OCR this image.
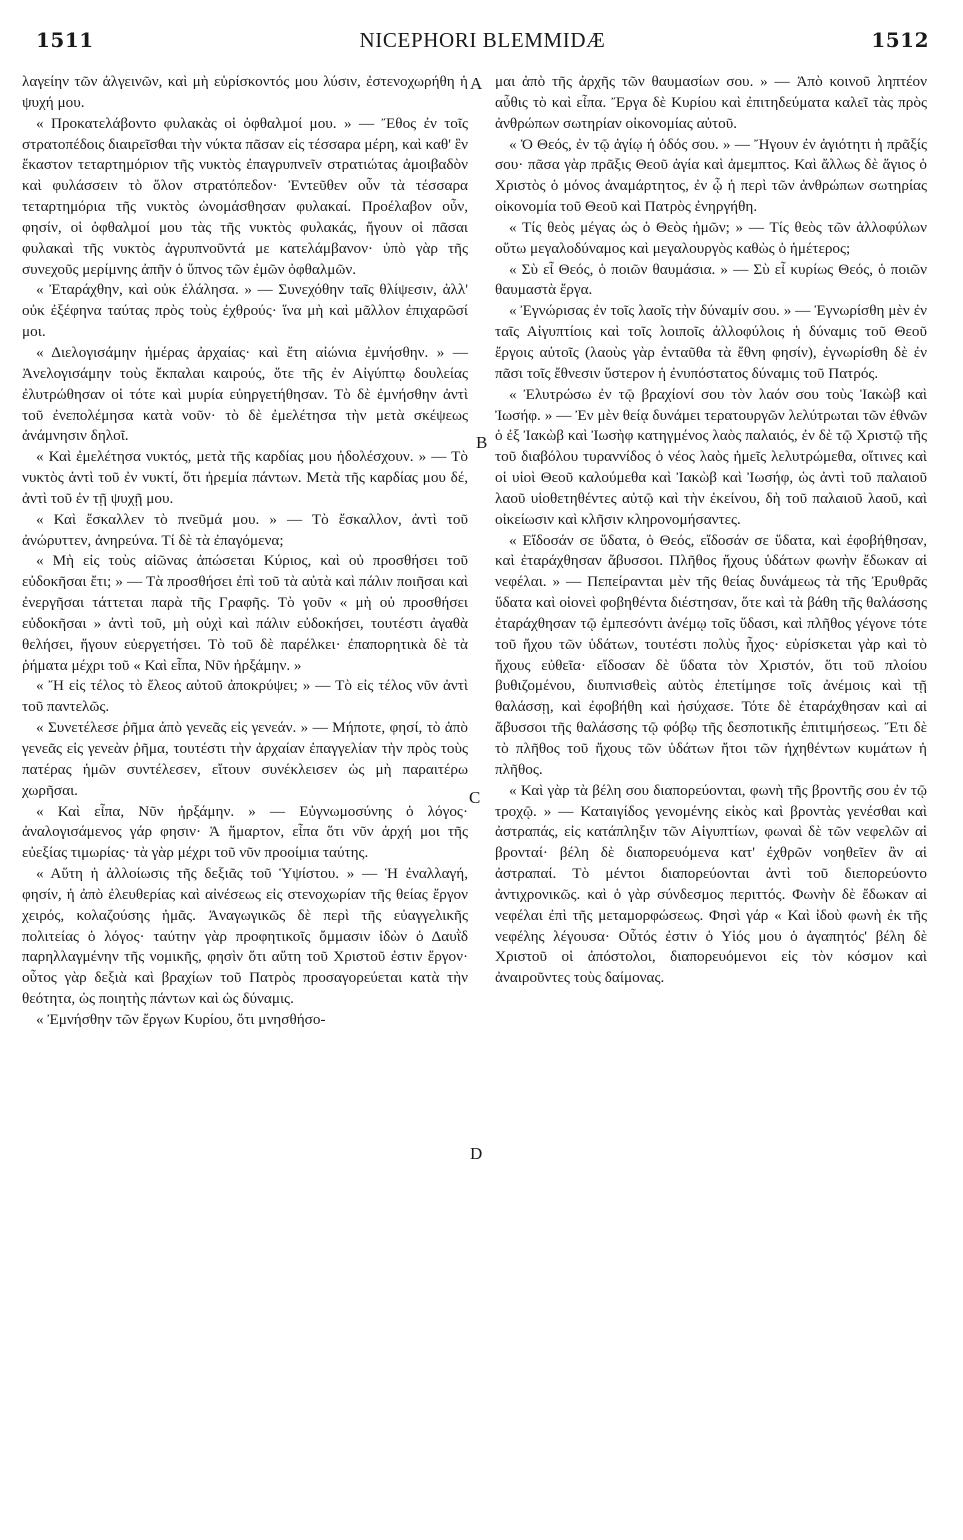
1511	NICEPHORI BLEMMIDÆ	1512

λαγείην τῶν ἀλγεινῶν, καὶ μὴ εὑρίσκοντός μου λύσιν, ἐστενοχωρήθη ἡ ψυχή μου.

« Προκατελάβοντο φυλακὰς οἱ ὀφθαλμοί μου. » — Ἔθος ἐν τοῖς στρατοπέδοις διαιρεῖσθαι τὴν νύκτα πᾶσαν εἰς τέσσαρα μέρη, καὶ καθ' ἓν ἕκαστον τεταρτημόριον τῆς νυκτὸς ἐπαγρυπνεῖν στρατιώτας ἀμοιβαδὸν καὶ φυλάσσειν τὸ ὅλον στρατόπεδον· Ἐντεῦθεν οὖν τὰ τέσσαρα τεταρτημόρια τῆς νυκτὸς ὠνομάσθησαν φυλακαί. Προέλαβον οὖν, φησίν, οἱ ὀφθαλμοί μου τὰς τῆς νυκτὸς φυλακάς, ἤγουν οἱ πᾶσαι φυλακαὶ τῆς νυκτὸς ἀγρυπνοῦντά με κατελάμβανον· ὑπὸ γὰρ τῆς συνεχοῦς μερίμνης ἀπῆν ὁ ὕπνος τῶν ἐμῶν ὀφθαλμῶν.

« Ἐταράχθην, καὶ οὐκ ἐλάλησα. » — Συνεχόθην ταῖς θλίψεσιν, ἀλλ' οὐκ ἐξέφηνα ταύτας πρὸς τοὺς ἐχθρούς· ἵνα μὴ καὶ μᾶλλον ἐπιχαρῶσί μοι.

« Διελογισάμην ἡμέρας ἀρχαίας· καὶ ἔτη αἰώνια ἐμνήσθην. » — Ἀνελογισάμην τοὺς ἔκπαλαι καιρούς, ὅτε τῆς ἐν Αἰγύπτῳ δουλείας ἐλυτρώθησαν οἱ τότε καὶ μυρία εὐηργετήθησαν. Τὸ δὲ ἐμνήσθην ἀντὶ τοῦ ἐνεπολέμησα κατὰ νοῦν· τὸ δὲ ἐμελέτησα τὴν μετὰ σκέψεως ἀνάμνησιν δηλοῖ.

« Καὶ ἐμελέτησα νυκτός, μετὰ τῆς καρδίας μου ἠδολέσχουν. » — Τὸ νυκτὸς ἀντὶ τοῦ ἐν νυκτί, ὅτι ἠρεμία πάντων. Μετὰ τῆς καρδίας μου δέ, ἀντὶ τοῦ ἐν τῇ ψυχῇ μου.

« Καὶ ἔσκαλλεν τὸ πνεῦμά μου. » — Τὸ ἔσκαλλον, ἀντὶ τοῦ ἀνώρυττεν, ἀνηρεύνα. Τί δὲ τὰ ἐπαγόμενα;

« Μὴ εἰς τοὺς αἰῶνας ἀπώσεται Κύριος, καὶ οὐ προσθήσει τοῦ εὐδοκῆσαι ἔτι; » — Τὰ προσθήσει ἐπὶ τοῦ τὰ αὐτὰ καὶ πάλιν ποιῆσαι καὶ ἐνεργῆσαι τάττεται παρὰ τῆς Γραφῆς. Τὸ γοῦν « μὴ οὐ προσθήσει εὐδοκῆσαι » ἀντὶ τοῦ, μὴ οὐχὶ καὶ πάλιν εὐδοκήσει, τουτέστι ἀγαθὰ θελήσει, ἤγουν εὐεργετήσει. Τὸ τοῦ δὲ παρέλκει· ἐπαπορητικὰ δὲ τὰ ῥήματα μέχρι τοῦ « Καὶ εἶπα, Νῦν ἠρξάμην. »

« Ἤ εἰς τέλος τὸ ἔλεος αὐτοῦ ἀποκρύψει; » — Τὸ εἰς τέλος νῦν ἀντὶ τοῦ παντελῶς.

« Συνετέλεσε ῥῆμα ἀπὸ γενεᾶς εἰς γενεάν. » — Μήποτε, φησί, τὸ ἀπὸ γενεᾶς εἰς γενεὰν ῥῆμα, τουτέστι τὴν ἀρχαίαν ἐπαγγελίαν τὴν πρὸς τοὺς πατέρας ἡμῶν συντέλεσεν, εἴτουν συνέκλεισεν ὡς μὴ παραιτέρω χωρῆσαι.

« Καὶ εἶπα, Νῦν ἠρξάμην. » — Εὐγνωμοσύνης ὁ λόγος· ἀναλογισάμενος γάρ φησιν· Ἁ ἥμαρτον, εἶπα ὅτι νῦν ἀρχή μοι τῆς εὐεξίας τιμωρίας· τὰ γὰρ μέχρι τοῦ νῦν προοίμια ταύτης.

« Αὕτη ἡ ἀλλοίωσις τῆς δεξιᾶς τοῦ Ὑψίστου. » — Ἡ ἐναλλαγή, φησίν, ἡ ἀπὸ ἐλευθερίας καὶ αἰνέσεως εἰς στενοχωρίαν τῆς θείας ἔργον χειρός, κολαζούσης ἡμᾶς. Ἀναγωγικῶς δὲ περὶ τῆς εὐαγγελικῆς πολιτείας ὁ λόγος· ταύτην γὰρ προφητικοῖς ὄμμασιν ἰδὼν ὁ Δαυῒδ παρηλλαγμένην τῆς νομικῆς, φησὶν ὅτι αὕτη τοῦ Χριστοῦ ἐστιν ἔργον· οὗτος γὰρ δεξιὰ καὶ βραχίων τοῦ Πατρὸς προσαγορεύεται κατὰ τὴν θεότητα, ὡς ποιητὴς πάντων καὶ ὡς δύναμις.

« Ἐμνήσθην τῶν ἔργων Κυρίου, ὅτι μνησθήσο-

μαι ἀπὸ τῆς ἀρχῆς τῶν θαυμασίων σου. » — Ἀπὸ κοινοῦ ληπτέον αὖθις τὸ καὶ εἶπα. Ἔργα δὲ Κυρίου καὶ ἐπιτηδεύματα καλεῖ τὰς πρὸς ἀνθρώπων σωτηρίαν οἰκονομίας αὐτοῦ.

« Ὁ Θεός, ἐν τῷ ἁγίῳ ἡ ὁδός σου. » — Ἤγουν ἐν ἁγιότητι ἡ πρᾶξίς σου· πᾶσα γὰρ πρᾶξις Θεοῦ ἁγία καὶ ἀμεμπτος. Καὶ ἄλλως δὲ ἅγιος ὁ Χριστὸς ὁ μόνος ἀναμάρτητος, ἐν ᾧ ἡ περὶ τῶν ἀνθρώπων σωτηρίας οἰκονομία τοῦ Θεοῦ καὶ Πατρὸς ἐνηργήθη.

« Τίς θεὸς μέγας ὡς ὁ Θεὸς ἡμῶν; » — Τίς θεὸς τῶν ἀλλοφύλων οὕτω μεγαλοδύναμος καὶ μεγαλουργὸς καθὼς ὁ ἡμέτερος;

« Σὺ εἶ Θεός, ὁ ποιῶν θαυμάσια. » — Σὺ εἶ κυρίως Θεός, ὁ ποιῶν θαυμαστὰ ἔργα.

« Ἐγνώρισας ἐν τοῖς λαοῖς τὴν δύναμίν σου. » — Ἐγνωρίσθη μὲν ἐν ταῖς Αἰγυπτίοις καὶ τοῖς λοιποῖς ἀλλοφύλοις ἡ δύναμις τοῦ Θεοῦ ἔργοις αὐτοῖς (λαοὺς γὰρ ἐνταῦθα τὰ ἔθνη φησίν), ἐγνωρίσθη δὲ ἐν πᾶσι τοῖς ἔθνεσιν ὕστερον ἡ ἐνυπόστατος δύναμις τοῦ Πατρός.

« Ἐλυτρώσω ἐν τῷ βραχίονί σου τὸν λαόν σου τοὺς Ἰακὼβ καὶ Ἰωσήφ. » — Ἐν μὲν θείᾳ δυνάμει τερατουργῶν λελύτρωται τῶν ἐθνῶν ὁ ἐξ Ἰακὼβ καὶ Ἰωσὴφ κατηγμένος λαὸς παλαιός, ἐν δὲ τῷ Χριστῷ τῆς τοῦ διαβόλου τυραννίδος ὁ νέος λαὸς ἡμεῖς λελυτρώμεθα, οἵτινες καὶ οἱ υἱοὶ Θεοῦ καλούμεθα καὶ Ἰακὼβ καὶ Ἰωσήφ, ὡς ἀντὶ τοῦ παλαιοῦ λαοῦ υἱοθετηθέντες αὐτῷ καὶ τὴν ἐκείνου, δὴ τοῦ παλαιοῦ λαοῦ, καὶ οἰκείωσιν καὶ κλῆσιν κληρονομήσαντες.

« Εἴδοσάν σε ὕδατα, ὁ Θεός, εἴδοσάν σε ὕδατα, καὶ ἐφοβήθησαν, καὶ ἐταράχθησαν ἄβυσσοι. Πλῆθος ἤχους ὑδάτων φωνὴν ἔδωκαν αἱ νεφέλαι. » — Πεπείρανται μὲν τῆς θείας δυνάμεως τὰ τῆς Ἐρυθρᾶς ὕδατα καὶ οἱονεὶ φοβηθέντα διέστησαν, ὅτε καὶ τὰ βάθη τῆς θαλάσσης ἐταράχθησαν τῷ ἐμπεσόντι ἀνέμῳ τοῖς ὕδασι, καὶ πλῆθος γέγονε τότε τοῦ ἤχου τῶν ὑδάτων, τουτέστι πολὺς ἦχος· εὑρίσκεται γὰρ καὶ τὸ ἤχους εὐθεῖα· εἴδοσαν δὲ ὕδατα τὸν Χριστόν, ὅτι τοῦ πλοίου βυθιζομένου, διυπνισθεὶς αὐτὸς ἐπετίμησε τοῖς ἀνέμοις καὶ τῇ θαλάσσῃ, καὶ ἐφοβήθη καὶ ἡσύχασε. Τότε δὲ ἐταράχθησαν καὶ αἱ ἄβυσσοι τῆς θαλάσσης τῷ φόβῳ τῆς δεσποτικῆς ἐπιτιμήσεως. Ἔτι δὲ τὸ πλῆθος τοῦ ἤχους τῶν ὑδάτων ἤτοι τῶν ἠχηθέντων κυμάτων ἡ πλῆθος.

« Καὶ γὰρ τὰ βέλη σου διαπορεύονται, φωνὴ τῆς βροντῆς σου ἐν τῷ τροχῷ. » — Καταιγίδος γενομένης εἰκὸς καὶ βροντὰς γενέσθαι καὶ ἀστραπάς, εἰς κατάπληξιν τῶν Αἰγυπτίων, φωναὶ δὲ τῶν νεφελῶν αἱ βρονταί· βέλη δὲ διαπορευόμενα κατ' ἐχθρῶν νοηθεῖεν ἂν αἱ ἀστραπαί. Τὸ μέντοι διαπορεύονται ἀντὶ τοῦ διεπορεύοντο ἀντιχρονικῶς. καὶ ὁ γὰρ σύνδεσμος περιττός. Φωνὴν δὲ ἔδωκαν αἱ νεφέλαι ἐπὶ τῆς μεταμορφώσεως. Φησὶ γάρ « Καὶ ἰδοὺ φωνὴ ἐκ τῆς νεφέλης λέγουσα· Οὗτός ἐστιν ὁ Υἱός μου ὁ ἀγαπητός' βέλη δὲ Χριστοῦ οἱ ἀπόστολοι, διαπορευόμενοι εἰς τὸν κόσμον καὶ ἀναιροῦντες τοὺς δαίμονας.

A
B
C
D
